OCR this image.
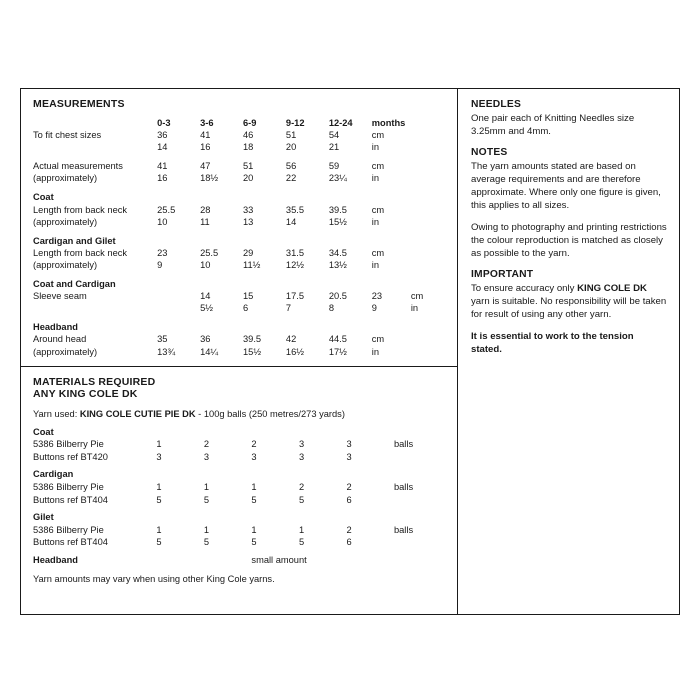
MEASUREMENTS
	0-3	3-6	6-9	9-12	12-24	months	
To fit chest sizes	36	41	46	51	54	cm	
	14	16	18	20	21	in	

Actual measurements	41	47	51	56	59	cm	
(approximately)	16	18½	20	22	23¼	in	

Coat							
Length from back neck	25.5	28	33	35.5	39.5	cm	
(approximately)	10	11	13	14	15½	in	

Cardigan and Gilet							
Length from back neck	23	25.5	29	31.5	34.5	cm	
(approximately)	9	10	11½	12½	13½	in	

Coat and Cardigan							
Sleeve seam		14	15	17.5	20.5	23	cm
		5½	6	7	8	9	in

Headband							
Around head	35	36	39.5	42	44.5	cm	
(approximately)	13¾	14¼	15½	16½	17½	in	
MATERIALS REQUIRED
ANY KING COLE DK
Yarn used: KING COLE CUTIE PIE DK - 100g balls (250 metres/273 yards)
Coat						
5386 Bilberry Pie	1	2	2	3	3	balls
Buttons ref BT420	3	3	3	3	3	

Cardigan						
5386 Bilberry Pie	1	1	1	2	2	balls
Buttons ref BT404	5	5	5	5	6	

Gilet						
5386 Bilberry Pie	1	1	1	1	2	balls
Buttons ref BT404	5	5	5	5	6	

Headband			small amount			
Yarn amounts may vary when using other King Cole yarns.
NEEDLES

One pair each of Knitting Needles size 3.25mm and 4mm.

NOTES

The yarn amounts stated are based on average requirements and are therefore approximate. Where only one figure is given, this applies to all sizes.

Owing to photography and printing restrictions the colour reproduction is matched as closely as possible to the yarn.

IMPORTANT

To ensure accuracy only KING COLE DK yarn is suitable. No responsibility will be taken for result of using any other yarn.

It is essential to work to the tension stated.
